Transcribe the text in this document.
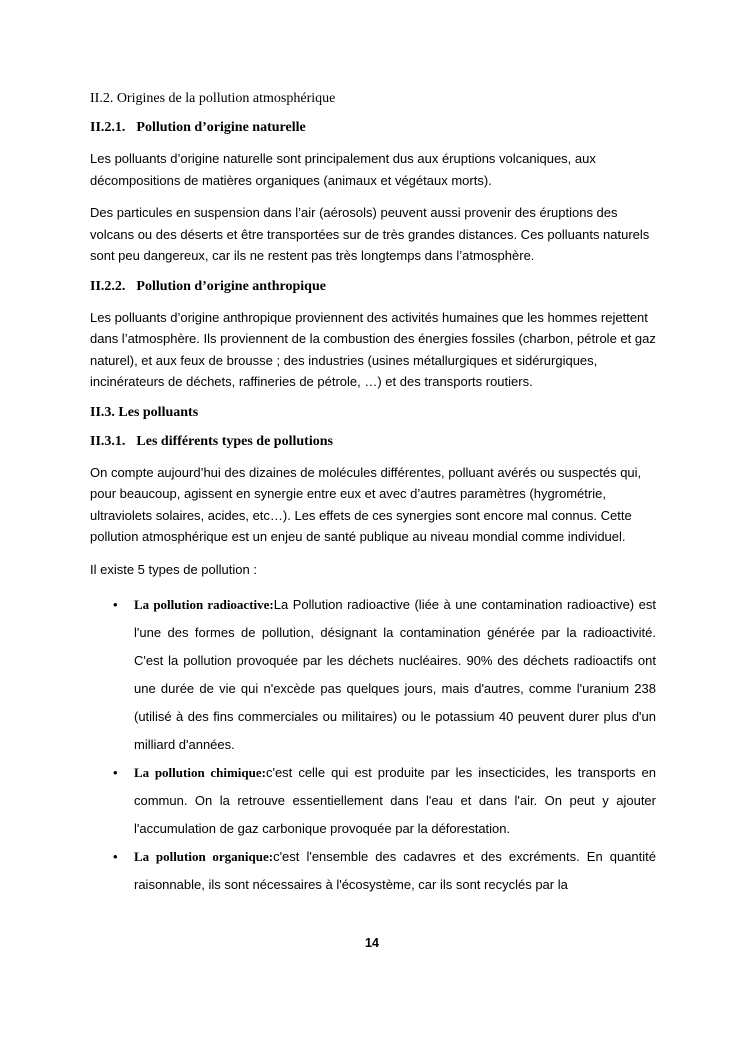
II.2. Origines de la pollution atmosphérique
II.2.1. Pollution d’origine naturelle

Les polluants d’origine naturelle sont principalement dus aux éruptions volcaniques, aux décompositions de matières organiques (animaux et végétaux morts).

Des particules en suspension dans l’air (aérosols) peuvent aussi provenir des éruptions des volcans ou des déserts et être transportées sur de très grandes distances. Ces polluants naturels sont peu dangereux, car ils ne restent pas très longtemps dans l’atmosphère.

II.2.2. Pollution d’origine anthropique

Les polluants d’origine anthropique proviennent des activités humaines que les hommes rejettent dans l’atmosphère. Ils proviennent de la combustion des énergies fossiles (charbon, pétrole et gaz naturel), et aux feux de brousse ; des industries (usines métallurgiques et sidérurgiques, incinérateurs de déchets, raffineries de pétrole, …) et des transports routiers.

II.3. Les polluants
II.3.1. Les différents types de pollutions

On compte aujourd’hui des dizaines de molécules différentes, polluant avérés ou suspectés qui, pour beaucoup, agissent en synergie entre eux et avec d’autres paramètres (hygrométrie, ultraviolets solaires, acides, etc…). Les effets de ces synergies sont encore mal connus. Cette pollution atmosphérique est un enjeu de santé publique au niveau mondial comme individuel.

Il existe 5 types de pollution :

• La pollution radioactive:La Pollution radioactive (liée à une contamination radioactive) est l'une des formes de pollution, désignant la contamination générée par la radioactivité. C'est la pollution provoquée par les déchets nucléaires. 90% des déchets radioactifs ont une durée de vie qui n'excède pas quelques jours, mais d'autres, comme l'uranium 238 (utilisé à des fins commerciales ou militaires) ou le potassium 40 peuvent durer plus d'un milliard d'années.
• La pollution chimique:c'est celle qui est produite par les insecticides, les transports en commun. On la retrouve essentiellement dans l'eau et dans l'air. On peut y ajouter l'accumulation de gaz carbonique provoquée par la déforestation.
• La pollution organique:c'est l'ensemble des cadavres et des excréments. En quantité raisonnable, ils sont nécessaires à l'écosystème, car ils sont recyclés par la
14
